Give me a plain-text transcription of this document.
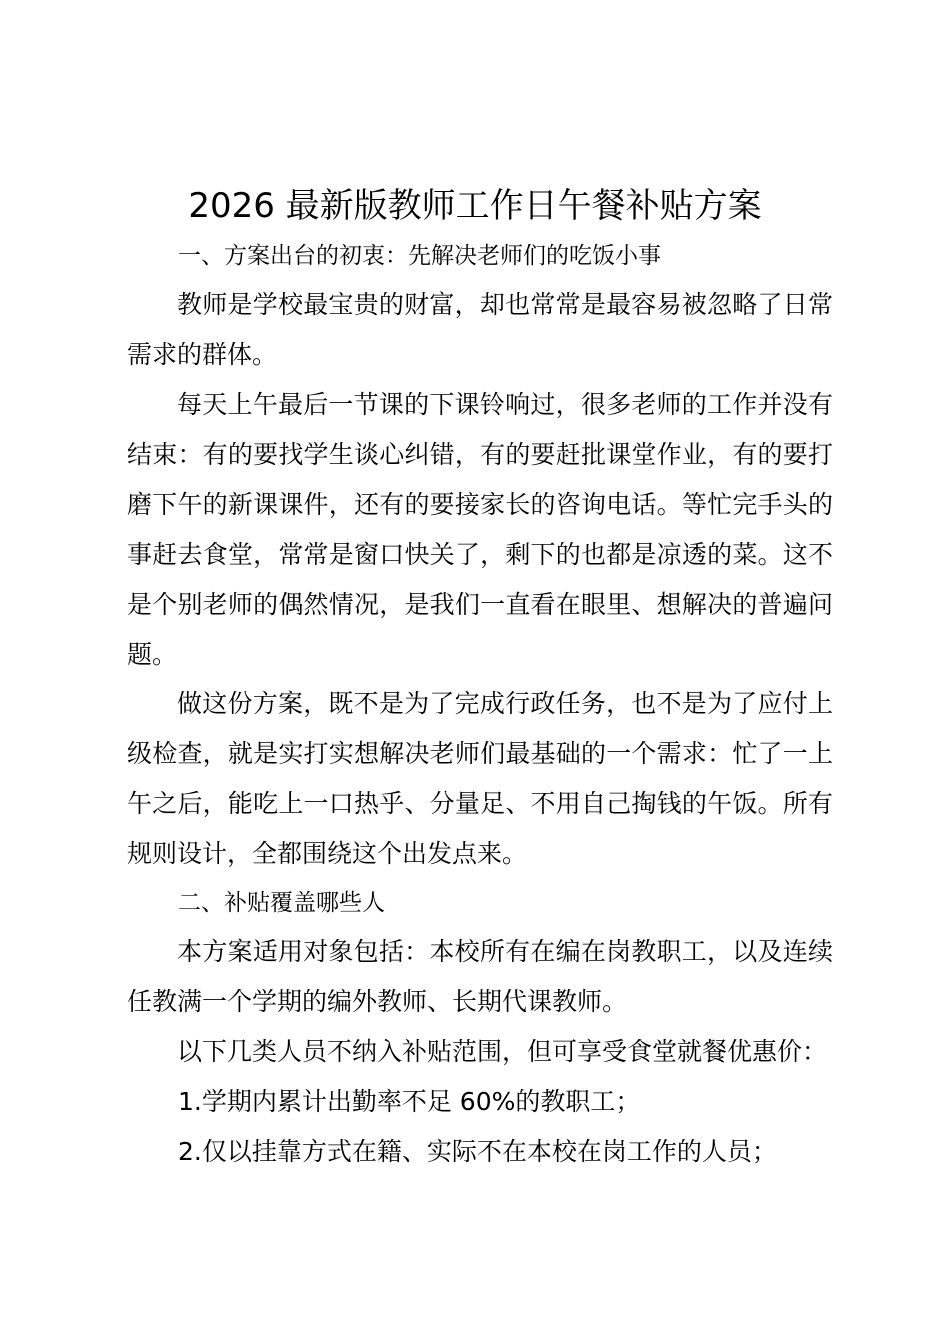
2026 最新版教师工作日午餐补贴方案
一、方案出台的初衷：先解决老师们的吃饭小事
教师是学校最宝贵的财富，却也常常是最容易被忽略了日常需求的群体。
每天上午最后一节课的下课铃响过，很多老师的工作并没有结束：有的要找学生谈心纠错，有的要赶批课堂作业，有的要打磨下午的新课课件，还有的要接家长的咨询电话。等忙完手头的事赶去食堂，常常是窗口快关了，剩下的也都是凉透的菜。这不是个别老师的偶然情况，是我们一直看在眼里、想解决的普遍问题。
做这份方案，既不是为了完成行政任务，也不是为了应付上级检查，就是实打实想解决老师们最基础的一个需求：忙了一上午之后，能吃上一口热乎、分量足、不用自己掏钱的午饭。所有规则设计，全都围绕这个出发点来。
二、补贴覆盖哪些人
本方案适用对象包括：本校所有在编在岗教职工，以及连续任教满一个学期的编外教师、长期代课教师。
以下几类人员不纳入补贴范围，但可享受食堂就餐优惠价：
1.学期内累计出勤率不足 60%的教职工；
2.仅以挂靠方式在籍、实际不在本校在岗工作的人员；
